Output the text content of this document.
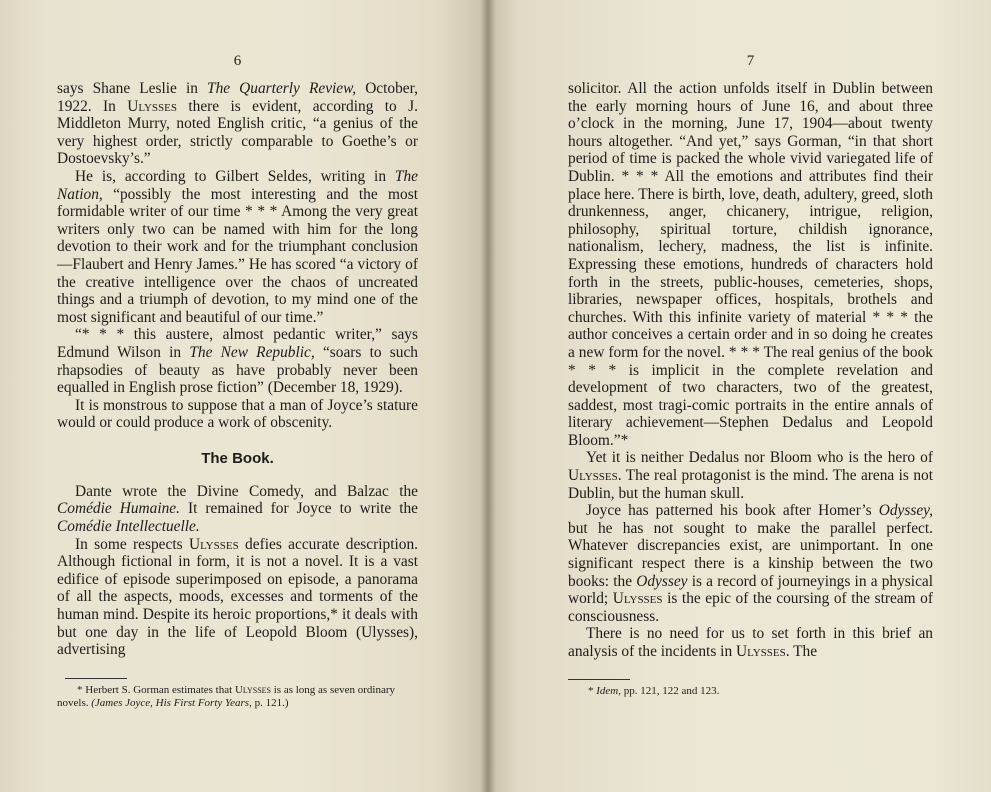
6

says Shane Leslie in The Quarterly Review, October, 1922. In Ulysses there is evident, according to J. Middleton Murry, noted English critic, “a genius of the very highest order, strictly comparable to Goethe’s or Dostoevsky’s.”

He is, according to Gilbert Seldes, writing in The Nation, “possibly the most interesting and the most formidable writer of our time * * * Among the very great writers only two can be named with him for the long devotion to their work and for the triumphant conclusion—Flaubert and Henry James.” He has scored “a victory of the creative intelligence over the chaos of uncreated things and a triumph of devotion, to my mind one of the most significant and beautiful of our time.”

“* * * this austere, almost pedantic writer,” says Edmund Wilson in The New Republic, “soars to such rhapsodies of beauty as have probably never been equalled in English prose fiction” (December 18, 1929).

It is monstrous to suppose that a man of Joyce’s stature would or could produce a work of obscenity.

The Book.

Dante wrote the Divine Comedy, and Balzac the Comédie Humaine. It remained for Joyce to write the Comédie Intellectuelle.

In some respects Ulysses defies accurate description. Although fictional in form, it is not a novel. It is a vast edifice of episode superimposed on episode, a panorama of all the aspects, moods, excesses and torments of the human mind. Despite its heroic proportions,* it deals with but one day in the life of Leopold Bloom (Ulysses), advertising

* Herbert S. Gorman estimates that Ulysses is as long as seven ordinary novels. (James Joyce, His First Forty Years, p. 121.)

7

solicitor. All the action unfolds itself in Dublin between the early morning hours of June 16, and about three o’clock in the morning, June 17, 1904—about twenty hours altogether. “And yet,” says Gorman, “in that short period of time is packed the whole vivid variegated life of Dublin. * * * All the emotions and attributes find their place here. There is birth, love, death, adultery, greed, sloth drunkenness, anger, chicanery, intrigue, religion, philosophy, spiritual torture, childish ignorance, nationalism, lechery, madness, the list is infinite. Expressing these emotions, hundreds of characters hold forth in the streets, public-houses, cemeteries, shops, libraries, newspaper offices, hospitals, brothels and churches. With this infinite variety of material * * * the author conceives a certain order and in so doing he creates a new form for the novel. * * * The real genius of the book * * * is implicit in the complete revelation and development of two characters, two of the greatest, saddest, most tragi-comic portraits in the entire annals of literary achievement—Stephen Dedalus and Leopold Bloom.”*

Yet it is neither Dedalus nor Bloom who is the hero of Ulysses. The real protagonist is the mind. The arena is not Dublin, but the human skull.

Joyce has patterned his book after Homer’s Odyssey, but he has not sought to make the parallel perfect. Whatever discrepancies exist, are unimportant. In one significant respect there is a kinship between the two books: the Odyssey is a record of journeyings in a physical world; Ulysses is the epic of the coursing of the stream of consciousness.

There is no need for us to set forth in this brief an analysis of the incidents in Ulysses. The

* Idem, pp. 121, 122 and 123.
